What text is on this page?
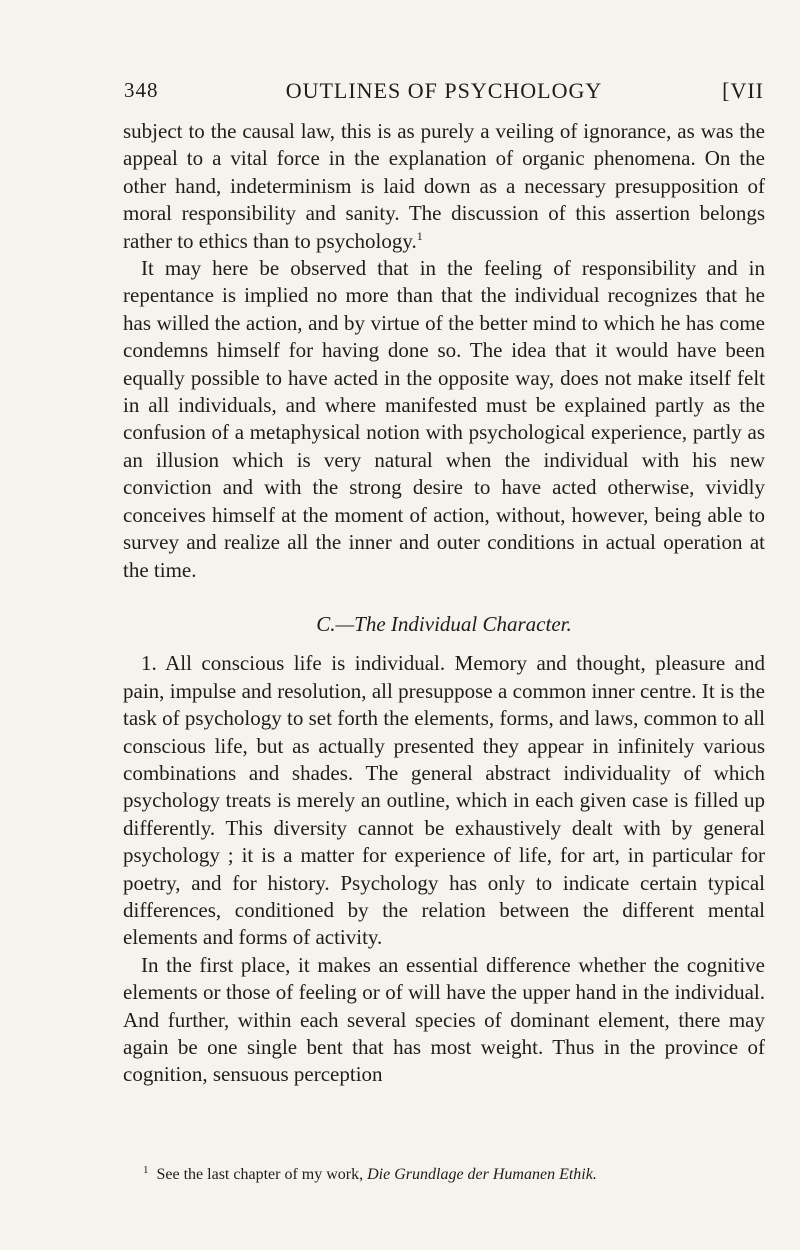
348	OUTLINES OF PSYCHOLOGY	[VII

subject to the causal law, this is as purely a veiling of ignorance, as was the appeal to a vital force in the explanation of organic phenomena. On the other hand, indeterminism is laid down as a necessary presupposition of moral responsibility and sanity. The discussion of this assertion belongs rather to ethics than to psychology.$^1$

It may here be observed that in the feeling of responsibility and in repentance is implied no more than that the individual recognizes that he has willed the action, and by virtue of the better mind to which he has come condemns himself for having done so. The idea that it would have been equally possible to have acted in the opposite way, does not make itself felt in all individuals, and where manifested must be explained partly as the confusion of a metaphysical notion with psychological experience, partly as an illusion which is very natural when the individual with his new conviction and with the strong desire to have acted otherwise, vividly conceives himself at the moment of action, without, however, being able to survey and realize all the inner and outer conditions in actual operation at the time.

C.—The Individual Character.

1. All conscious life is individual. Memory and thought, pleasure and pain, impulse and resolution, all presuppose a common inner centre. It is the task of psychology to set forth the elements, forms, and laws, common to all conscious life, but as actually presented they appear in infinitely various combinations and shades. The general abstract individuality of which psychology treats is merely an outline, which in each given case is filled up differently. This diversity cannot be exhaustively dealt with by general psychology ; it is a matter for experience of life, for art, in particular for poetry, and for history. Psychology has only to indicate certain typical differences, conditioned by the relation between the different mental elements and forms of activity.

In the first place, it makes an essential difference whether the cognitive elements or those of feeling or of will have the upper hand in the individual. And further, within each several species of dominant element, there may again be one single bent that has most weight. Thus in the province of cognition, sensuous perception

$^1$ See the last chapter of my work, Die Grundlage der Humanen Ethik.
